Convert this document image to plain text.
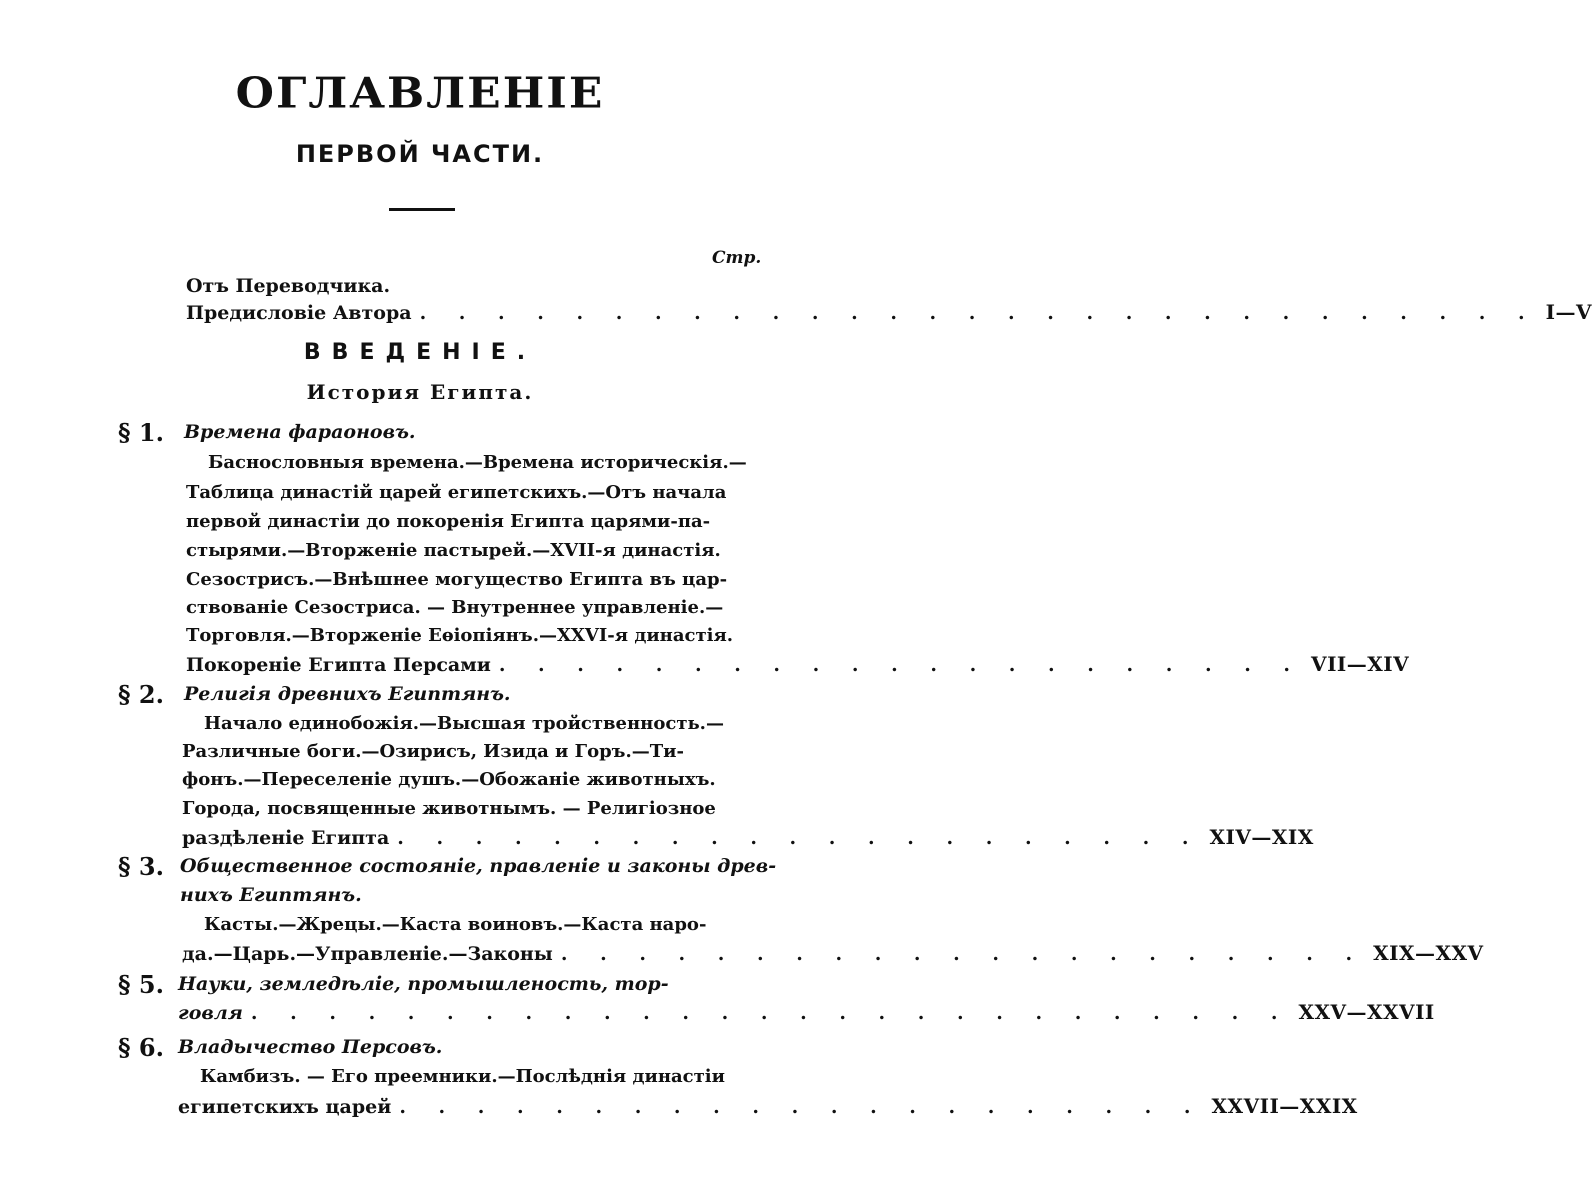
ОГЛАВЛЕНІЕ
ПЕРВОЙ ЧАСТИ.
Стр.
Отъ Переводчика.
Предисловіе Автора . . . . . . . . . . . . . . . . . . . . . . . . . . . . . I—V
ВВЕДЕНІЕ.
История Египта.
§ 1. Времена фараоновъ.
Баснословныя времена.—Времена историческія.—
Таблица династій царей египетскихъ.—Отъ начала
первой династіи до покоренія Египта царями-па-
стырями.—Вторженіе пастырей.—XVII-я династія.
Сезострисъ.—Внѣшнее могущество Египта въ цар-
ствованіе Сезостриса. — Внутреннее управленіе.—
Торговля.—Вторженіе Еѳіопіянъ.—XXVI-я династія.
Покореніе Египта Персами . . . . . . . . . . . . . . . . . . . . . VII—XIV
§ 2. Религія древнихъ Египтянъ.
Начало единобожія.—Высшая тройственность.—
Различные боги.—Озирисъ, Изида и Горъ.—Ти-
фонъ.—Переселеніе душъ.—Обожаніе животныхъ.
Города, посвященные животнымъ. — Религіозное
раздѣленіе Египта . . . . . . . . . . . . . . . . . . . . . XIV—XIX
§ 3. Общественное состояніе, правленіе и законы древ-
нихъ Египтянъ.
Касты.—Жрецы.—Каста воиновъ.—Каста наро-
да.—Царь.—Управленіе.—Законы . . . . . . . . . . . . . . . . . . . . . XIX—XXV
§ 5. Науки, земледѣліе, промышленость, тор-
говля . . . . . . . . . . . . . . . . . . . . . . . . . . . XXV—XXVII
§ 6. Владычество Персовъ.
Камбизъ. — Его преемники.—Послѣднія династіи
египетскихъ царей . . . . . . . . . . . . . . . . . . . . . XXVII—XXIX
